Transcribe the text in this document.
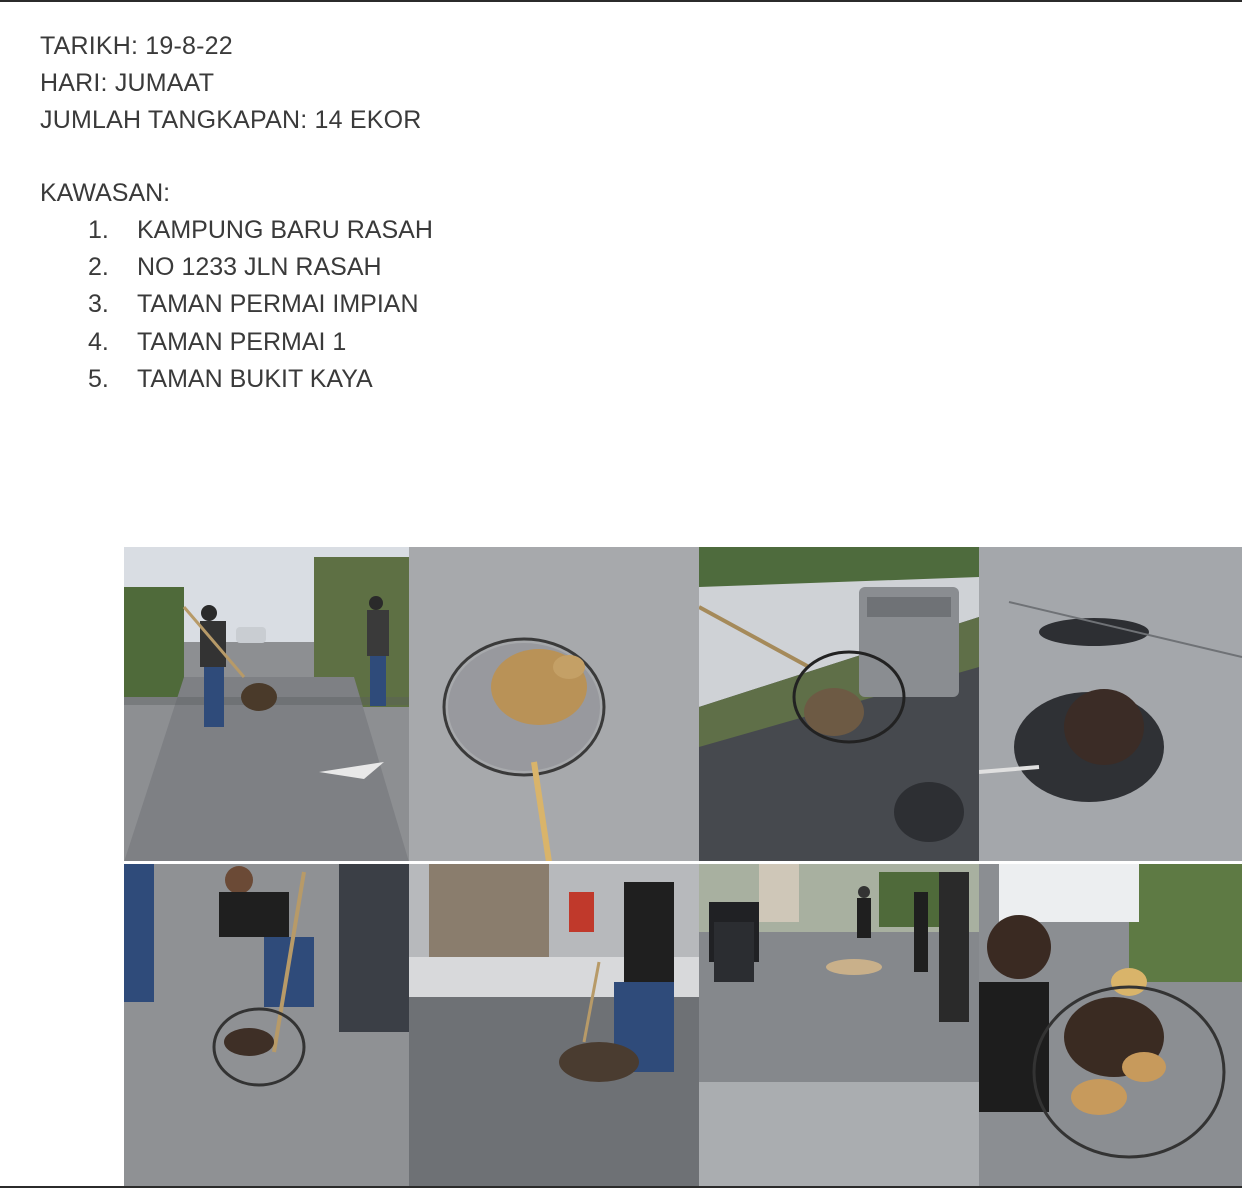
TARIKH: 19-8-22
HARI: JUMAAT
JUMLAH TANGKAPAN: 14 EKOR
KAWASAN:
1.	KAMPUNG BARU RASAH
2.	NO 1233 JLN RASAH
3.	TAMAN PERMAI IMPIAN
4.	TAMAN PERMAI 1
5.	TAMAN BUKIT KAYA
